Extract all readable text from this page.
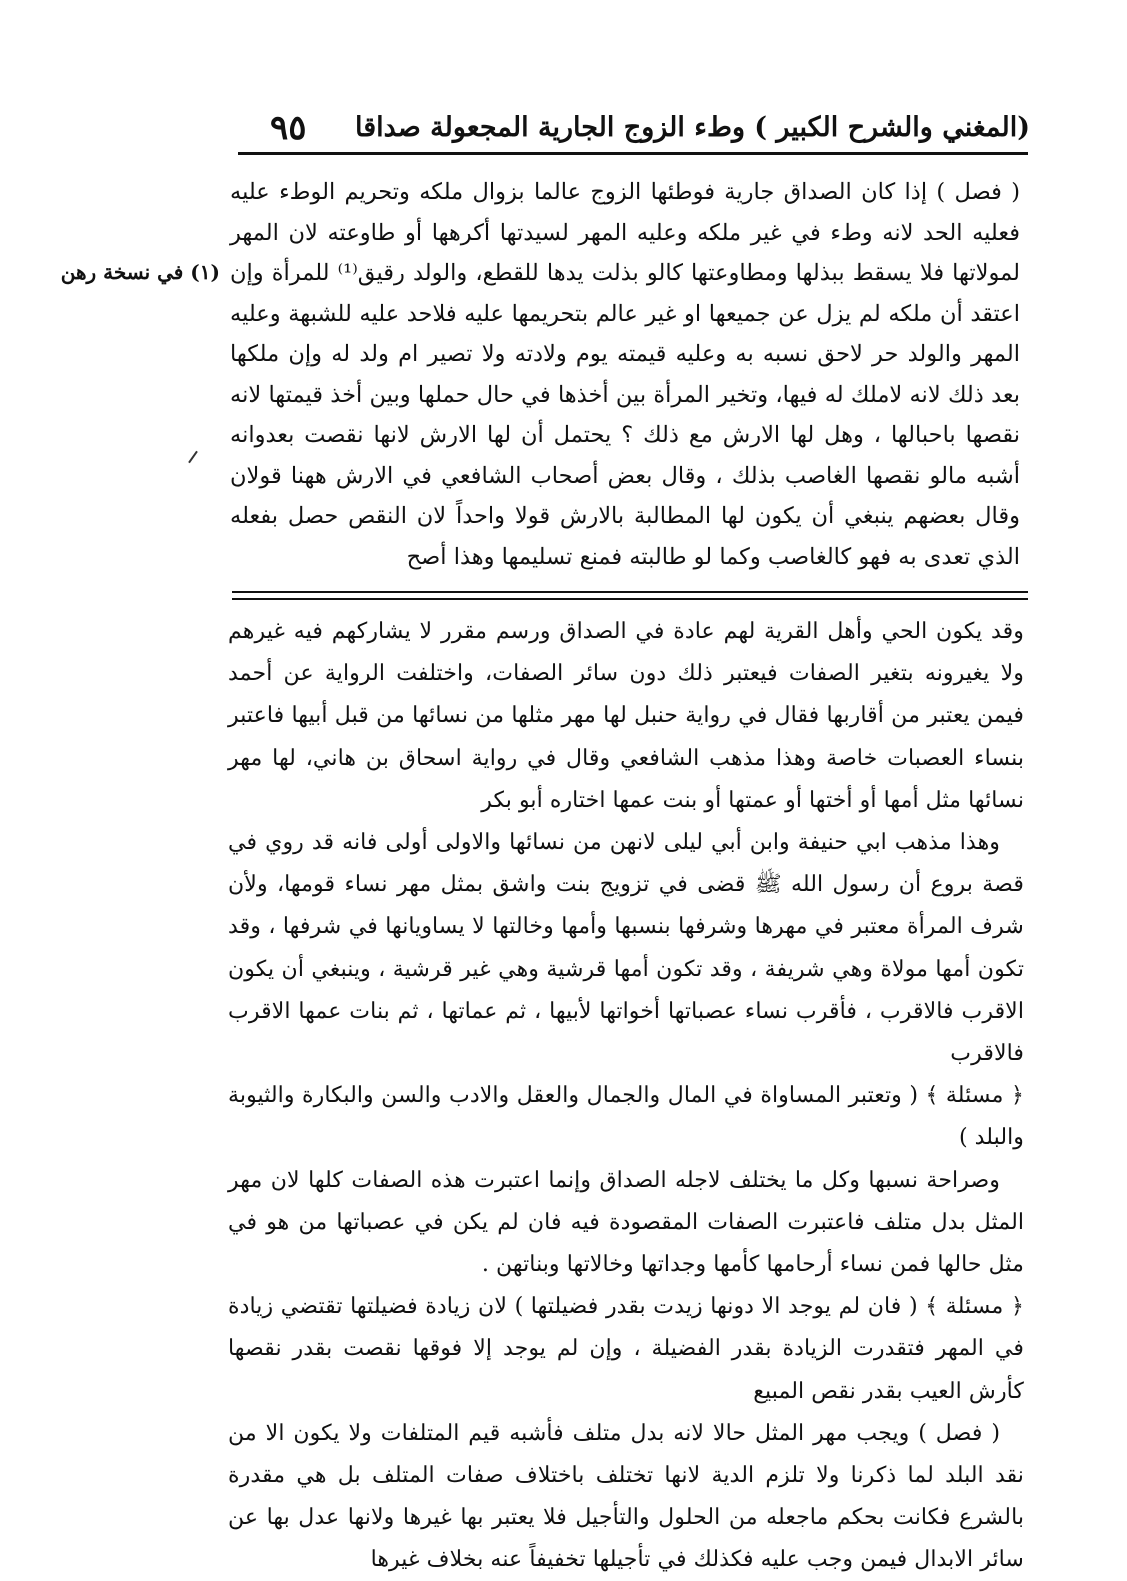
(المغني والشرح الكبير )
وطء الزوج الجارية المجعولة صداقا
٩٥

( فصل ) إذا كان الصداق جارية فوطئها الزوج عالما بزوال ملكه وتحريم الوطء عليه فعليه الحد لانه وطء في غير ملكه وعليه المهر لسيدتها أكرهها أو طاوعته لان المهر لمولاتها فلا يسقط ببذلها ومطاوعتها كالو بذلت يدها للقطع، والولد رقيق⁽¹⁾ للمرأة وإن اعتقد أن ملكه لم يزل عن جميعها او غير عالم بتحريمها عليه فلاحد عليه للشبهة وعليه المهر والولد حر لاحق نسبه به وعليه قيمته يوم ولادته ولا تصير ام ولد له وإن ملكها بعد ذلك لانه لاملك له فيها، وتخير المرأة بين أخذها في حال حملها وبين أخذ قيمتها لانه نقصها باحبالها ، وهل لها الارش مع ذلك ؟ يحتمل أن لها الارش لانها نقصت بعدوانه أشبه مالو نقصها الغاصب بذلك ، وقال بعض أصحاب الشافعي في الارش ههنا قولان وقال بعضهم ينبغي أن يكون لها المطالبة بالارش قولا واحداً لان النقص حصل بفعله الذي تعدى به فهو كالغاصب وكما لو طالبته فمنع تسليمها وهذا أصح

(١) في نسخة رهن

وقد يكون الحي وأهل القرية لهم عادة في الصداق ورسم مقرر لا يشاركهم فيه غيرهم ولا يغيرونه بتغير الصفات فيعتبر ذلك دون سائر الصفات، واختلفت الرواية عن أحمد فيمن يعتبر من أقاربها فقال في رواية حنبل لها مهر مثلها من نسائها من قبل أبيها فاعتبر بنساء العصبات خاصة وهذا مذهب الشافعي وقال في رواية اسحاق بن هاني، لها مهر نسائها مثل أمها أو أختها أو عمتها أو بنت عمها اختاره أبو بكر

وهذا مذهب ابي حنيفة وابن أبي ليلى لانهن من نسائها والاولى أولى فانه قد روي في قصة بروع أن رسول الله ﷺ قضى في تزويج بنت واشق بمثل مهر نساء قومها، ولأن شرف المرأة معتبر في مهرها وشرفها بنسبها وأمها وخالتها لا يساويانها في شرفها ، وقد تكون أمها مولاة وهي شريفة ، وقد تكون أمها قرشية وهي غير قرشية ، وينبغي أن يكون الاقرب فالاقرب ، فأقرب نساء عصباتها أخواتها لأبيها ، ثم عماتها ، ثم بنات عمها الاقرب فالاقرب

﴿ مسئلة ﴾ ( وتعتبر المساواة في المال والجمال والعقل والادب والسن والبكارة والثيوبة والبلد )

وصراحة نسبها وكل ما يختلف لاجله الصداق وإنما اعتبرت هذه الصفات كلها لان مهر المثل بدل متلف فاعتبرت الصفات المقصودة فيه فان لم يكن في عصباتها من هو في مثل حالها فمن نساء أرحامها كأمها وجداتها وخالاتها وبناتهن .

﴿ مسئلة ﴾ ( فان لم يوجد الا دونها زيدت بقدر فضيلتها ) لان زيادة فضيلتها تقتضي زيادة في المهر فتقدرت الزيادة بقدر الفضيلة ، وإن لم يوجد إلا فوقها نقصت بقدر نقصها كأرش العيب بقدر نقص المبيع

( فصل ) ويجب مهر المثل حالا لانه بدل متلف فأشبه قيم المتلفات ولا يكون الا من نقد البلد لما ذكرنا ولا تلزم الدية لانها تختلف باختلاف صفات المتلف بل هي مقدرة بالشرع فكانت بحكم ماجعله من الحلول والتأجيل فلا يعتبر بها غيرها ولانها عدل بها عن سائر الابدال فيمن وجب عليه فكذلك في تأجيلها تخفيفاً عنه بخلاف غيرها
